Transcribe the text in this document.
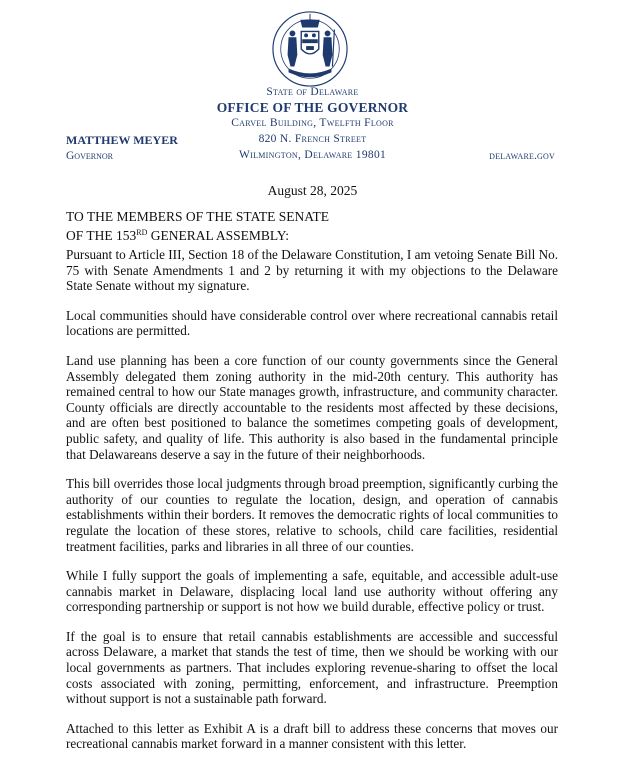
State of Delaware
OFFICE OF THE GOVERNOR
Carvel Building, Twelfth Floor
820 N. French Street
Wilmington, Delaware 19801
MATTHEW MEYER
Governor	delaware.gov
August 28, 2025
TO THE MEMBERS OF THE STATE SENATE
OF THE 153RD GENERAL ASSEMBLY:

Pursuant to Article III, Section 18 of the Delaware Constitution, I am vetoing Senate Bill No. 75 with Senate Amendments 1 and 2 by returning it with my objections to the Delaware State Senate without my signature.

Local communities should have considerable control over where recreational cannabis retail locations are permitted.

Land use planning has been a core function of our county governments since the General Assembly delegated them zoning authority in the mid-20th century. This authority has remained central to how our State manages growth, infrastructure, and community character. County officials are directly accountable to the residents most affected by these decisions, and are often best positioned to balance the sometimes competing goals of development, public safety, and quality of life. This authority is also based in the fundamental principle that Delawareans deserve a say in the future of their neighborhoods.

This bill overrides those local judgments through broad preemption, significantly curbing the authority of our counties to regulate the location, design, and operation of cannabis establishments within their borders. It removes the democratic rights of local communities to regulate the location of these stores, relative to schools, child care facilities, residential treatment facilities, parks and libraries in all three of our counties.

While I fully support the goals of implementing a safe, equitable, and accessible adult-use cannabis market in Delaware, displacing local land use authority without offering any corresponding partnership or support is not how we build durable, effective policy or trust.

If the goal is to ensure that retail cannabis establishments are accessible and successful across Delaware, a market that stands the test of time, then we should be working with our local governments as partners. That includes exploring revenue-sharing to offset the local costs associated with zoning, permitting, enforcement, and infrastructure. Preemption without support is not a sustainable path forward.

Attached to this letter as Exhibit A is a draft bill to address these concerns that moves our recreational cannabis market forward in a manner consistent with this letter.
